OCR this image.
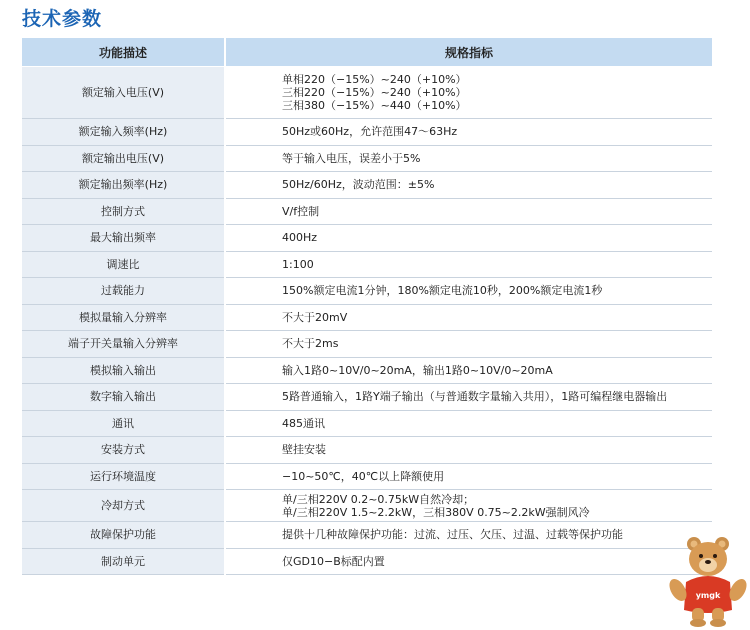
技术参数
功能描述	规格指标
额定输入电压(V)	单相220（−15%）~240（+10%）
三相220（−15%）~240（+10%）
三相380（−15%）~440（+10%）

额定输入频率(Hz)	50Hz或60Hz，允许范围47～63Hz

额定输出电压(V)	等于输入电压，误差小于5%

额定输出频率(Hz)	50Hz/60Hz，波动范围：±5%

控制方式	V/f控制

最大输出频率	400Hz

调速比	1:100

过载能力	150%额定电流1分钟，180%额定电流10秒，200%额定电流1秒

模拟量输入分辨率	不大于20mV

端子开关量输入分辨率	不大于2ms

模拟输入输出	输入1路0~10V/0~20mA，输出1路0~10V/0~20mA

数字输入输出	5路普通输入，1路Y端子输出（与普通数字量输入共用），1路可编程继电器输出

通讯	485通讯

安装方式	壁挂安装

运行环境温度	−10~50℃，40℃以上降额使用

冷却方式	单/三相220V 0.2~0.75kW自然冷却；
单/三相220V 1.5~2.2kW，三相380V 0.75~2.2kW强制风冷

故障保护功能	提供十几种故障保护功能：过流、过压、欠压、过温、过载等保护功能

制动单元	仅GD10−B标配内置
ymgk
